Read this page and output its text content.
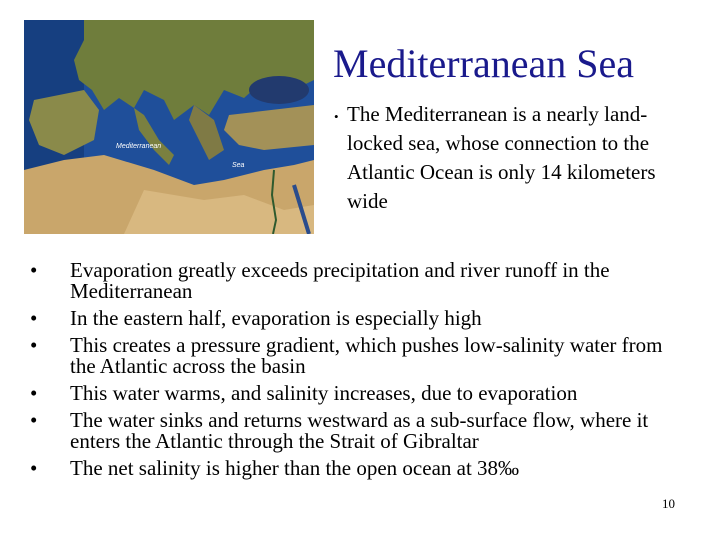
Mediterranean
Sea
Mediterranean Sea
• The Mediterranean is a nearly land-locked sea, whose connection to the Atlantic Ocean is only 14 kilometers wide
• Evaporation greatly exceeds precipitation and river runoff in the Mediterranean
• In the eastern half, evaporation is especially high
• This creates a pressure gradient, which pushes low-salinity water from the Atlantic across the basin
• This water warms, and salinity increases, due to evaporation
• The water sinks and returns westward as a sub-surface flow, where it enters the Atlantic through the Strait of Gibraltar
• The net salinity is higher than the open ocean at 38‰
10
